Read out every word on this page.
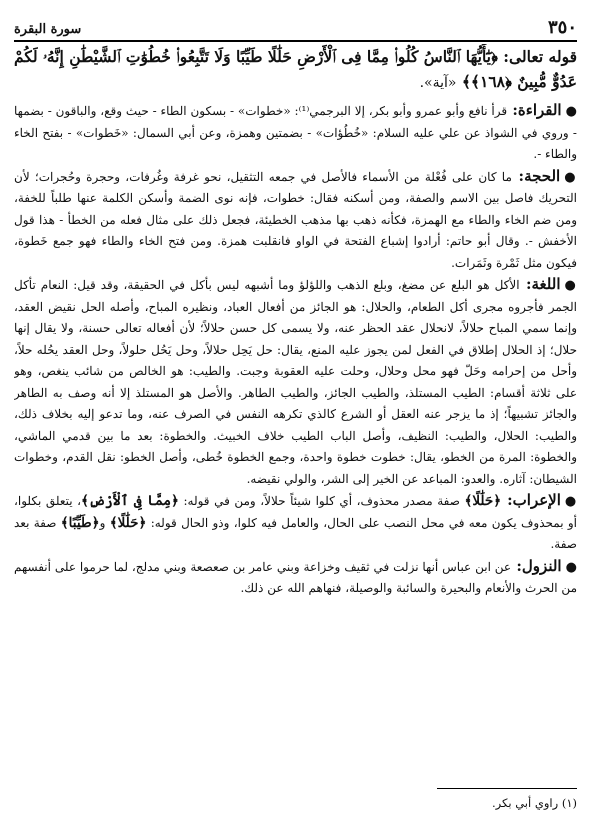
سورة البقرة	٣٥٠

قوله تعالى: ﴿يَٰٓأَيُّهَا ٱلنَّاسُ كُلُوا۟ مِمَّا فِى ٱلْأَرْضِ حَلَٰلًا طَيِّبًا وَلَا تَتَّبِعُوا۟ خُطُوَٰتِ ٱلشَّيْطَٰنِ إِنَّهُۥ لَكُمْ عَدُوٌّ مُّبِينٌ ﴿١٦٨﴾﴾ «آية».

●القراءة: قرأ نافع وأبو عمرو وأبو بكر، إلا البرجمي⁽¹⁾: «خطوات» - بسكون الطاء - حيث وقع، والباقون - بضمها - وروي في الشواذ عن علي عليه السلام: «خُطُؤات» - بضمتين وهمزة، وعن أبي السمال: «خَطوات» - بفتح الخاء والطاء -.

●الحجة: ما كان على فُعْلة من الأسماء فالأصل في جمعه التثقيل، نحو غرفة وغُرفات، وحجرة وحُجرات؛ لأن التحريك فاصل بين الاسم والصفة، ومن أسكنه فقال: خطوات، فإنه نوى الضمة وأسكن الكلمة عنها طلباً للخفة، ومن ضم الخاء والطاء مع الهمزة، فكأنه ذهب بها مذهب الخطيئة، فجعل ذلك على مثال فعله من الخطأ - هذا قول الأخفش -. وقال أبو حاتم: أرادوا إشباع الفتحة في الواو فانقلبت همزة. ومن فتح الخاء والطاء فهو جمع خَطوة، فيكون مثل ثَمْرة وثَمَرات.

●اللغة: الأكل هو البلع عن مضغ، وبلع الذهب واللؤلؤ وما أشبهه ليس بأكل في الحقيقة، وقد قيل: النعام تأكل الجمر فأجروه مجرى أكل الطعام، والحلال: هو الجائز من أفعال العباد، ونظيره المباح، وأصله الحل نقيض العقد، وإنما سمي المباح حلالاً، لانحلال عقد الحظر عنه، ولا يسمى كل حسن حلالاً؛ لأن أفعاله تعالى حسنة، ولا يقال إنها حلال؛ إذ الحلال إطلاق في الفعل لمن يجوز عليه المنع، يقال: حل يَحِل حلالاً، وحل يَحُل حلولاً، وحل العقد يحُله حلاً، وأحل من إحرامه وحَلّ فهو محل وحلال، وحلت عليه العقوبة وجبت. والطيب: هو الخالص من شائب ينغص، وهو على ثلاثة أقسام: الطيب المستلذ، والطيب الجائز، والطيب الطاهر. والأصل هو المستلذ إلا أنه وصف به الطاهر والجائز تشبيهاً؛ إذ ما يزجر عنه العقل أو الشرع كالذي تكرهه النفس في الصرف عنه، وما تدعو إليه بخلاف ذلك، والطيب: الحلال، والطيب: النظيف، وأصل الباب الطيب خلاف الخبيث. والخطوة: بعد ما بين قدمي الماشي، والخطوة: المرة من الخطو، يقال: خطوت خطوة واحدة، وجمع الخطوة خُطى، وأصل الخطو: نقل القدم، وخطوات الشيطان: آثاره. والعدو: المباعد عن الخير إلى الشر، والولي نقيضه.

●الإعراب: ﴿حَلَٰلًا﴾ صفة مصدر محذوف، أي كلوا شيئاً حلالاً، ومن في قوله: ﴿مِمَّا فِى ٱلْأَرْضِ﴾، يتعلق بكلوا، أو بمحذوف يكون معه في محل النصب على الحال، والعامل فيه كلوا، وذو الحال قوله: ﴿حَلَٰلًا﴾ و﴿طَيِّبًا﴾ صفة بعد صفة.

●النزول: عن ابن عباس أنها نزلت في ثقيف وخزاعة وبني عامر بن صعصعة وبني مدلج، لما حرموا على أنفسهم من الحرث والأنعام والبحيرة والسائبة والوصيلة، فنهاهم الله عن ذلك.

(١) راوي أبي بكر.
